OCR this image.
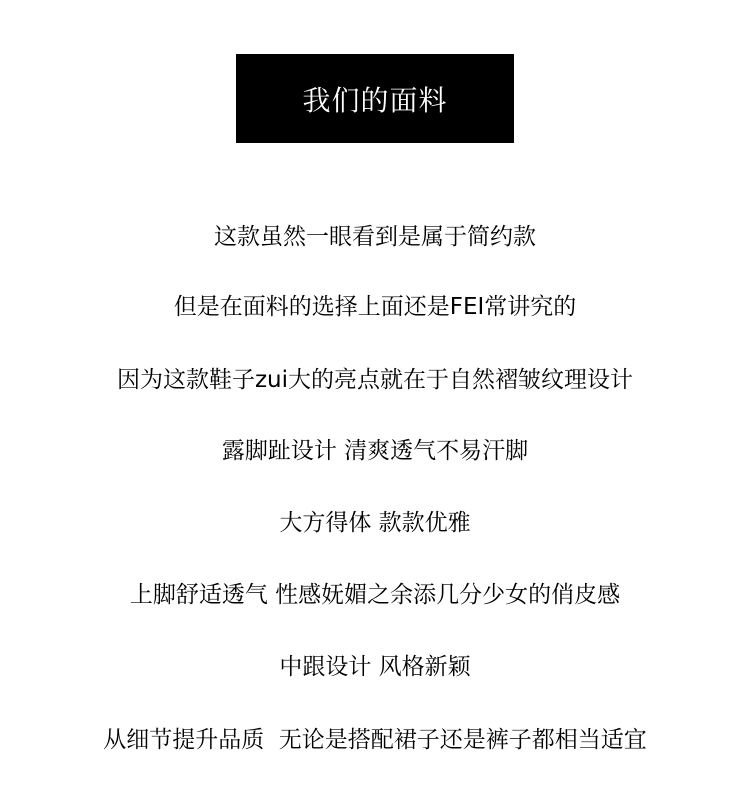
我们的面料
这款虽然一眼看到是属于简约款
但是在面料的选择上面还是FEI常讲究的
因为这款鞋子zui大的亮点就在于自然褶皱纹理设计
露脚趾设计 清爽透气不易汗脚
大方得体 款款优雅
上脚舒适透气 性感妩媚之余添几分少女的俏皮感
中跟设计 风格新颖
从细节提升品质  无论是搭配裙子还是裤子都相当适宜
